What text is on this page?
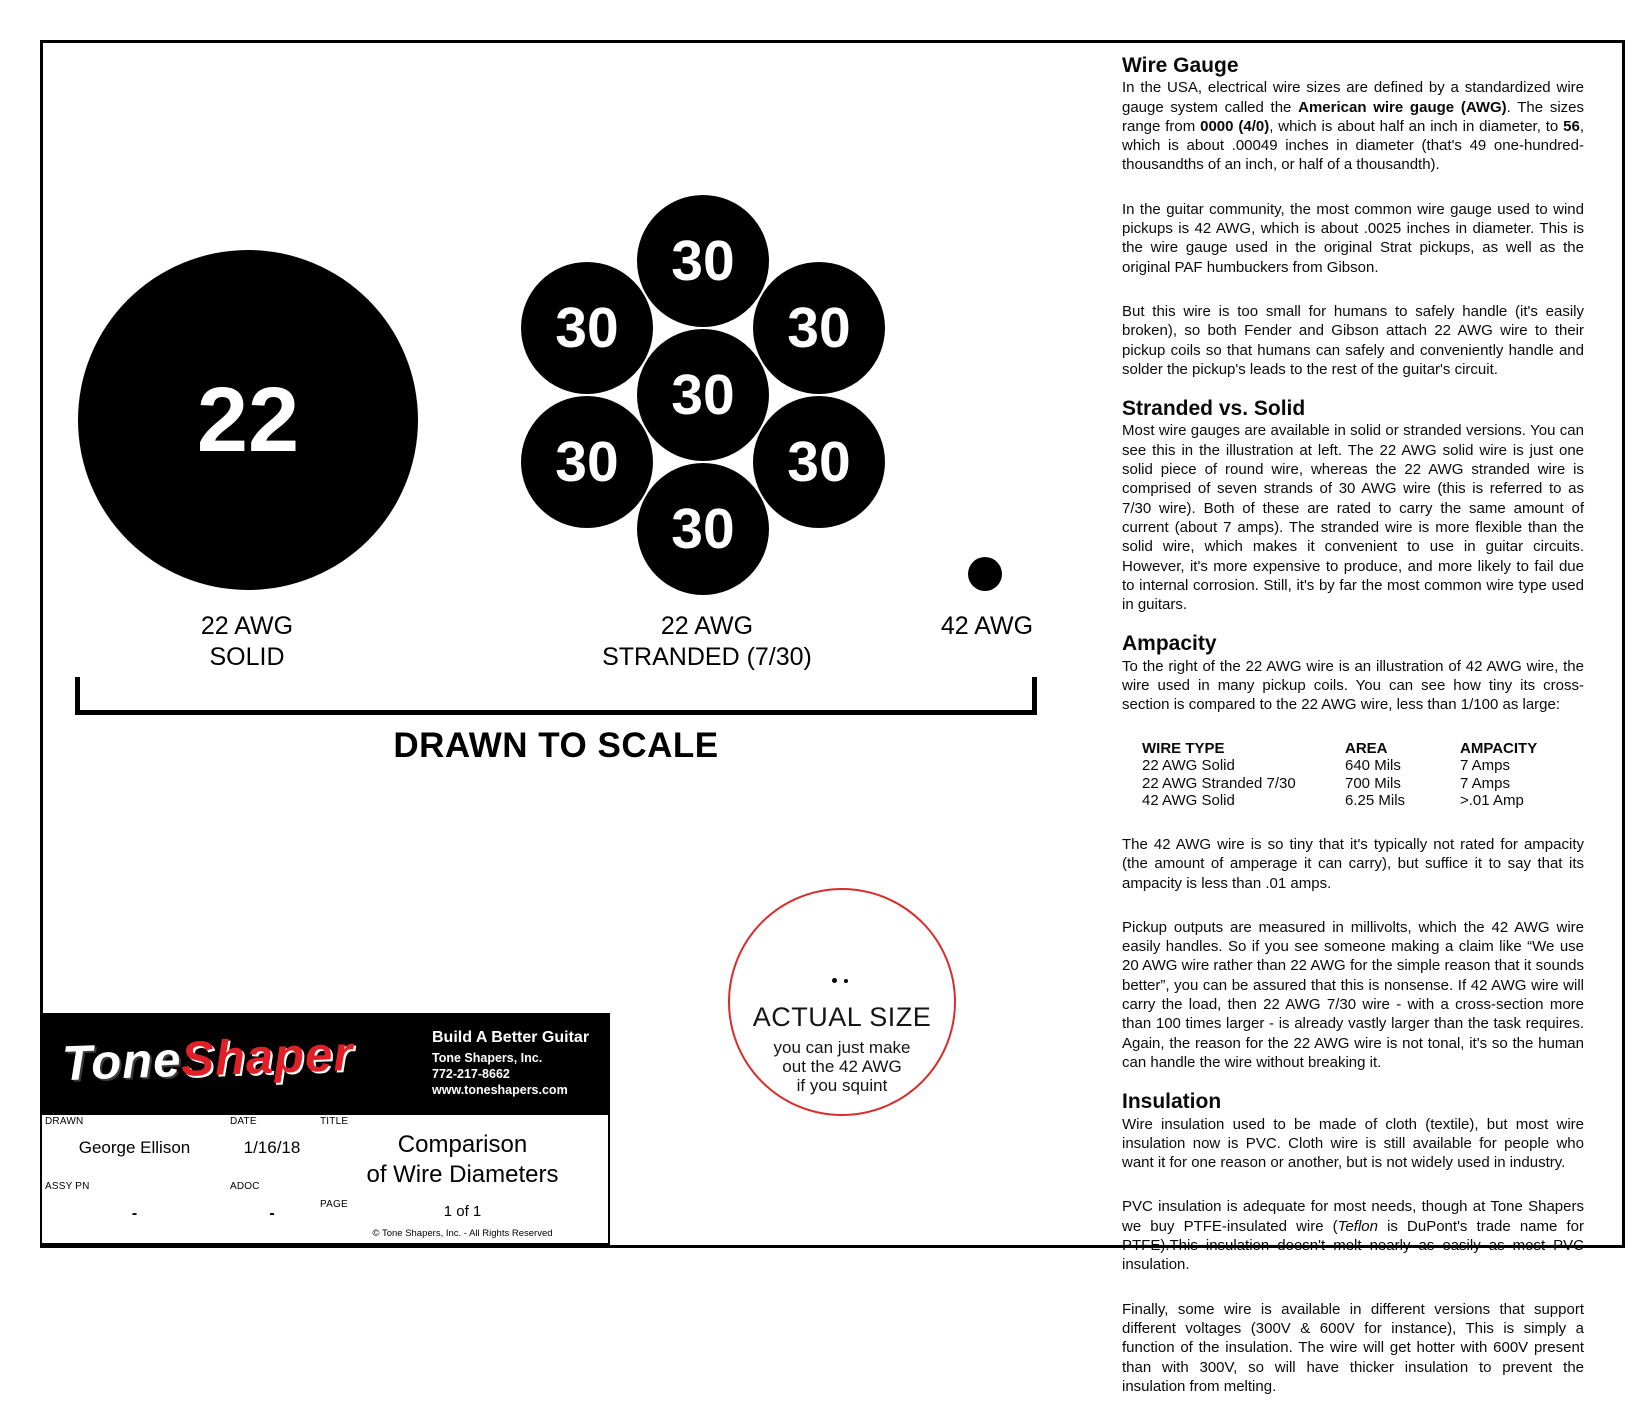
22
30
30	30
30
30	30
30
22 AWG
SOLID
22 AWG
STRANDED (7/30)
42 AWG
DRAWN TO SCALE
ACTUAL SIZE
you can just make
out the 42 AWG
if you squint
ToneShaper	Build A Better Guitar
Tone Shapers, Inc.
772-217-8662
www.toneshapers.com
DRAWN
George Ellison
DATE
1/16/18
TITLE
Comparison
of Wire Diameters
ASSY PN
-
ADOC
-	PAGE	1 of 1
© Tone Shapers, Inc. - All Rights Reserved
Wire Gauge

In the USA, electrical wire sizes are defined by a standardized wire gauge system called the American wire gauge (AWG). The sizes range from 0000 (4/0), which is about half an inch in diameter, to 56, which is about .00049 inches in diameter (that's 49 one-hundred-thousandths of an inch, or half of a thousandth).

In the guitar community, the most common wire gauge used to wind pickups is 42 AWG, which is about .0025 inches in diameter. This is the wire gauge used in the original Strat pickups, as well as the original PAF humbuckers from Gibson.

But this wire is too small for humans to safely handle (it's easily broken), so both Fender and Gibson attach 22 AWG wire to their pickup coils so that humans can safely and conveniently handle and solder the pickup's leads to the rest of the guitar's circuit.

Stranded vs. Solid

Most wire gauges are available in solid or stranded versions. You can see this in the illustration at left. The 22 AWG solid wire is just one solid piece of round wire, whereas the 22 AWG stranded wire is comprised of seven strands of 30 AWG wire (this is referred to as 7/30 wire). Both of these are rated to carry the same amount of current (about 7 amps). The stranded wire is more flexible than the solid wire, which makes it convenient to use in guitar circuits. However, it's more expensive to produce, and more likely to fail due to internal corrosion. Still, it's by far the most common wire type used in guitars.

Ampacity

To the right of the 22 AWG wire is an illustration of 42 AWG wire, the wire used in many pickup coils. You can see how tiny its cross-section is compared to the 22 AWG wire, less than 1/100 as large:

WIRE TYPE	AREA	AMPACITY
22 AWG Solid	640 Mils	7 Amps
22 AWG Stranded 7/30	700 Mils	7 Amps
42 AWG Solid	6.25 Mils	>.01 Amp

The 42 AWG wire is so tiny that it's typically not rated for ampacity (the amount of amperage it can carry), but suffice it to say that its ampacity is less than .01 amps.

Pickup outputs are measured in millivolts, which the 42 AWG wire easily handles. So if you see someone making a claim like “We use 20 AWG wire rather than 22 AWG for the simple reason that it sounds better”, you can be assured that this is nonsense. If 42 AWG wire will carry the load, then 22 AWG 7/30 wire - with a cross-section more than 100 times larger - is already vastly larger than the task requires. Again, the reason for the 22 AWG wire is not tonal, it's so the human can handle the wire without breaking it.

Insulation

Wire insulation used to be made of cloth (textile), but most wire insulation now is PVC. Cloth wire is still available for people who want it for one reason or another, but is not widely used in industry.

PVC insulation is adequate for most needs, though at Tone Shapers we buy PTFE-insulated wire (Teflon is DuPont's trade name for PTFE).This insulation doesn't melt nearly as easily as most PVC insulation.

Finally, some wire is available in different versions that support different voltages (300V & 600V for instance), This is simply a function of the insulation. The wire will get hotter with 600V present than with 300V, so will have thicker insulation to prevent the insulation from melting.
